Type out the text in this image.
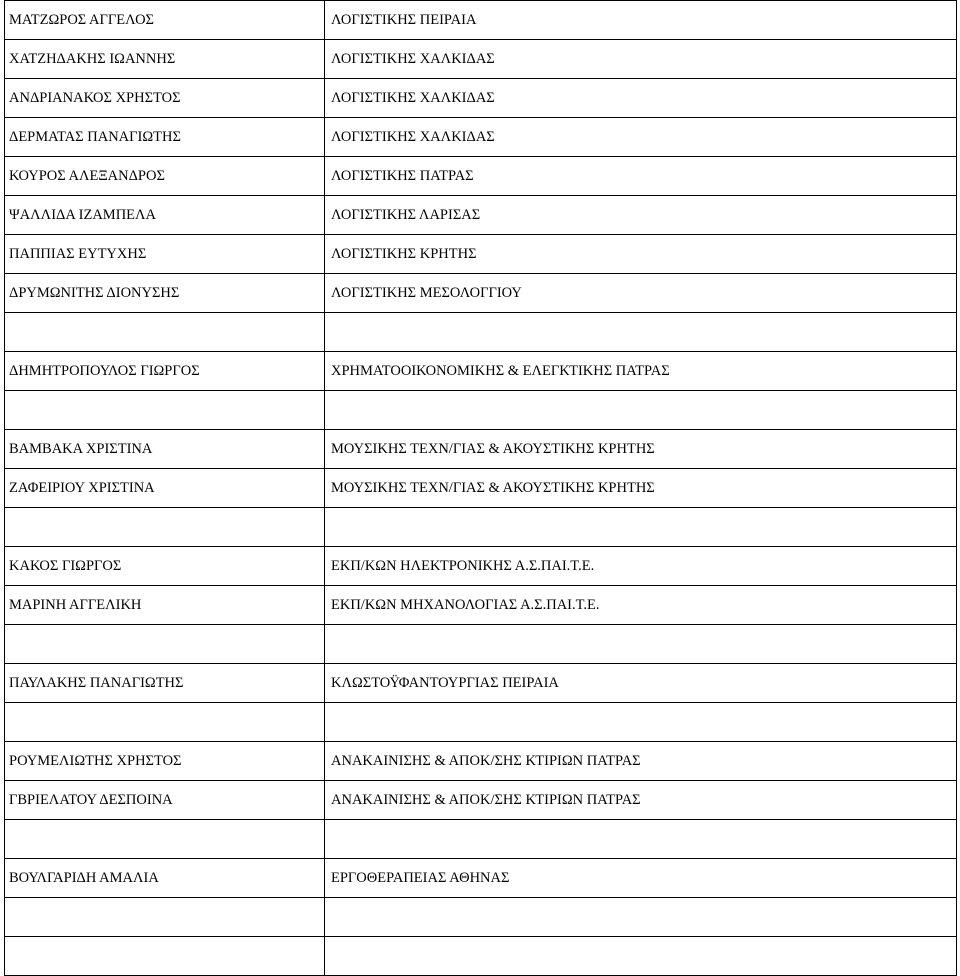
ΜΑΤΖΩΡΟΣ ΑΓΓΕΛΟΣ	ΛΟΓΙΣΤΙΚΗΣ ΠΕΙΡΑΙΑ
ΧΑΤΖΗΔΑΚΗΣ ΙΩΑΝΝΗΣ	ΛΟΓΙΣΤΙΚΗΣ ΧΑΛΚΙΔΑΣ
ΑΝΔΡΙΑΝΑΚΟΣ ΧΡΗΣΤΟΣ	ΛΟΓΙΣΤΙΚΗΣ ΧΑΛΚΙΔΑΣ
ΔΕΡΜΑΤΑΣ ΠΑΝΑΓΙΩΤΗΣ	ΛΟΓΙΣΤΙΚΗΣ ΧΑΛΚΙΔΑΣ
ΚΟΥΡΟΣ ΑΛΕΞΑΝΔΡΟΣ	ΛΟΓΙΣΤΙΚΗΣ ΠΑΤΡΑΣ
ΨΑΛΛΙΔΑ ΙΖΑΜΠΕΛΑ	ΛΟΓΙΣΤΙΚΗΣ ΛΑΡΙΣΑΣ
ΠΑΠΠΙΑΣ ΕΥΤΥΧΗΣ	ΛΟΓΙΣΤΙΚΗΣ ΚΡΗΤΗΣ
ΔΡΥΜΩΝΙΤΗΣ ΔΙΟΝΥΣΗΣ	ΛΟΓΙΣΤΙΚΗΣ ΜΕΣΟΛΟΓΓΙΟΥ

ΔΗΜΗΤΡΟΠΟΥΛΟΣ ΓΙΩΡΓΟΣ	ΧΡΗΜΑΤΟΟΙΚΟΝΟΜΙΚΗΣ & ΕΛΕΓΚΤΙΚΗΣ ΠΑΤΡΑΣ

ΒΑΜΒΑΚΑ ΧΡΙΣΤΙΝΑ	ΜΟΥΣΙΚΗΣ ΤΕΧΝ/ΓΙΑΣ & ΑΚΟΥΣΤΙΚΗΣ ΚΡΗΤΗΣ
ΖΑΦΕΙΡΙΟΥ ΧΡΙΣΤΙΝΑ	ΜΟΥΣΙΚΗΣ ΤΕΧΝ/ΓΙΑΣ & ΑΚΟΥΣΤΙΚΗΣ ΚΡΗΤΗΣ

ΚΑΚΟΣ ΓΙΩΡΓΟΣ	ΕΚΠ/ΚΩΝ ΗΛΕΚΤΡΟΝΙΚΗΣ Α.Σ.ΠΑΙ.Τ.Ε.
ΜΑΡΙΝΗ ΑΓΓΕΛΙΚΗ	ΕΚΠ/ΚΩΝ ΜΗΧΑΝΟΛΟΓΙΑΣ Α.Σ.ΠΑΙ.Τ.Ε.

ΠΑΥΛΑΚΗΣ ΠΑΝΑΓΙΩΤΗΣ	ΚΛΩΣΤΟΫΦΑΝΤΟΥΡΓΙΑΣ ΠΕΙΡΑΙΑ

ΡΟΥΜΕΛΙΩΤΗΣ ΧΡΗΣΤΟΣ	ΑΝΑΚΑΙΝΙΣΗΣ & ΑΠΟΚ/ΣΗΣ ΚΤΙΡΙΩΝ ΠΑΤΡΑΣ
ΓΒΡΙΕΛΑΤΟΥ ΔΕΣΠΟΙΝΑ	ΑΝΑΚΑΙΝΙΣΗΣ & ΑΠΟΚ/ΣΗΣ ΚΤΙΡΙΩΝ ΠΑΤΡΑΣ

ΒΟΥΛΓΑΡΙΔΗ ΑΜΑΛΙΑ	ΕΡΓΟΘΕΡΑΠΕΙΑΣ ΑΘΗΝΑΣ
